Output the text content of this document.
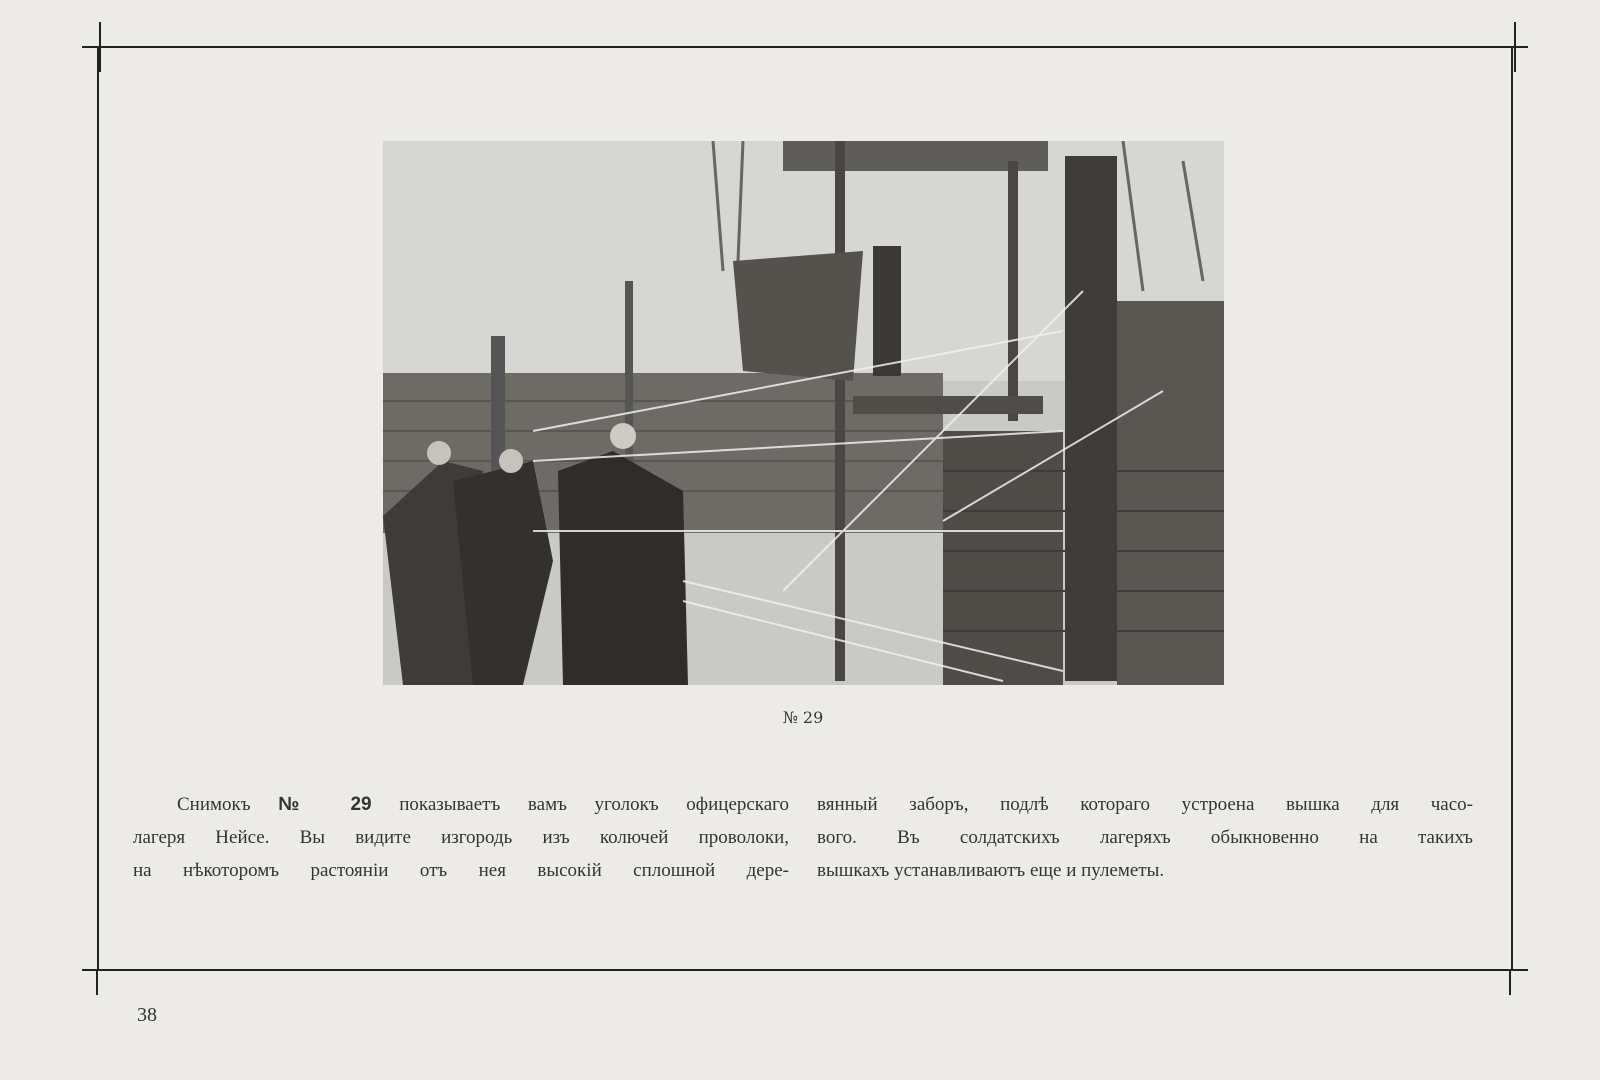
№ 29
Снимокъ № 29 показываетъ вамъ уголокъ офицерскаго
лагеря Нейсе. Вы видите изгородь изъ колючей проволоки,
на нѣкоторомъ растояніи отъ нея высокій сплошной дере-
вянный заборъ, подлѣ котораго устроена вышка для часо-
вого. Въ солдатскихъ лагеряхъ обыкновенно на такихъ
вышкахъ устанавливаютъ еще и пулеметы.
38
